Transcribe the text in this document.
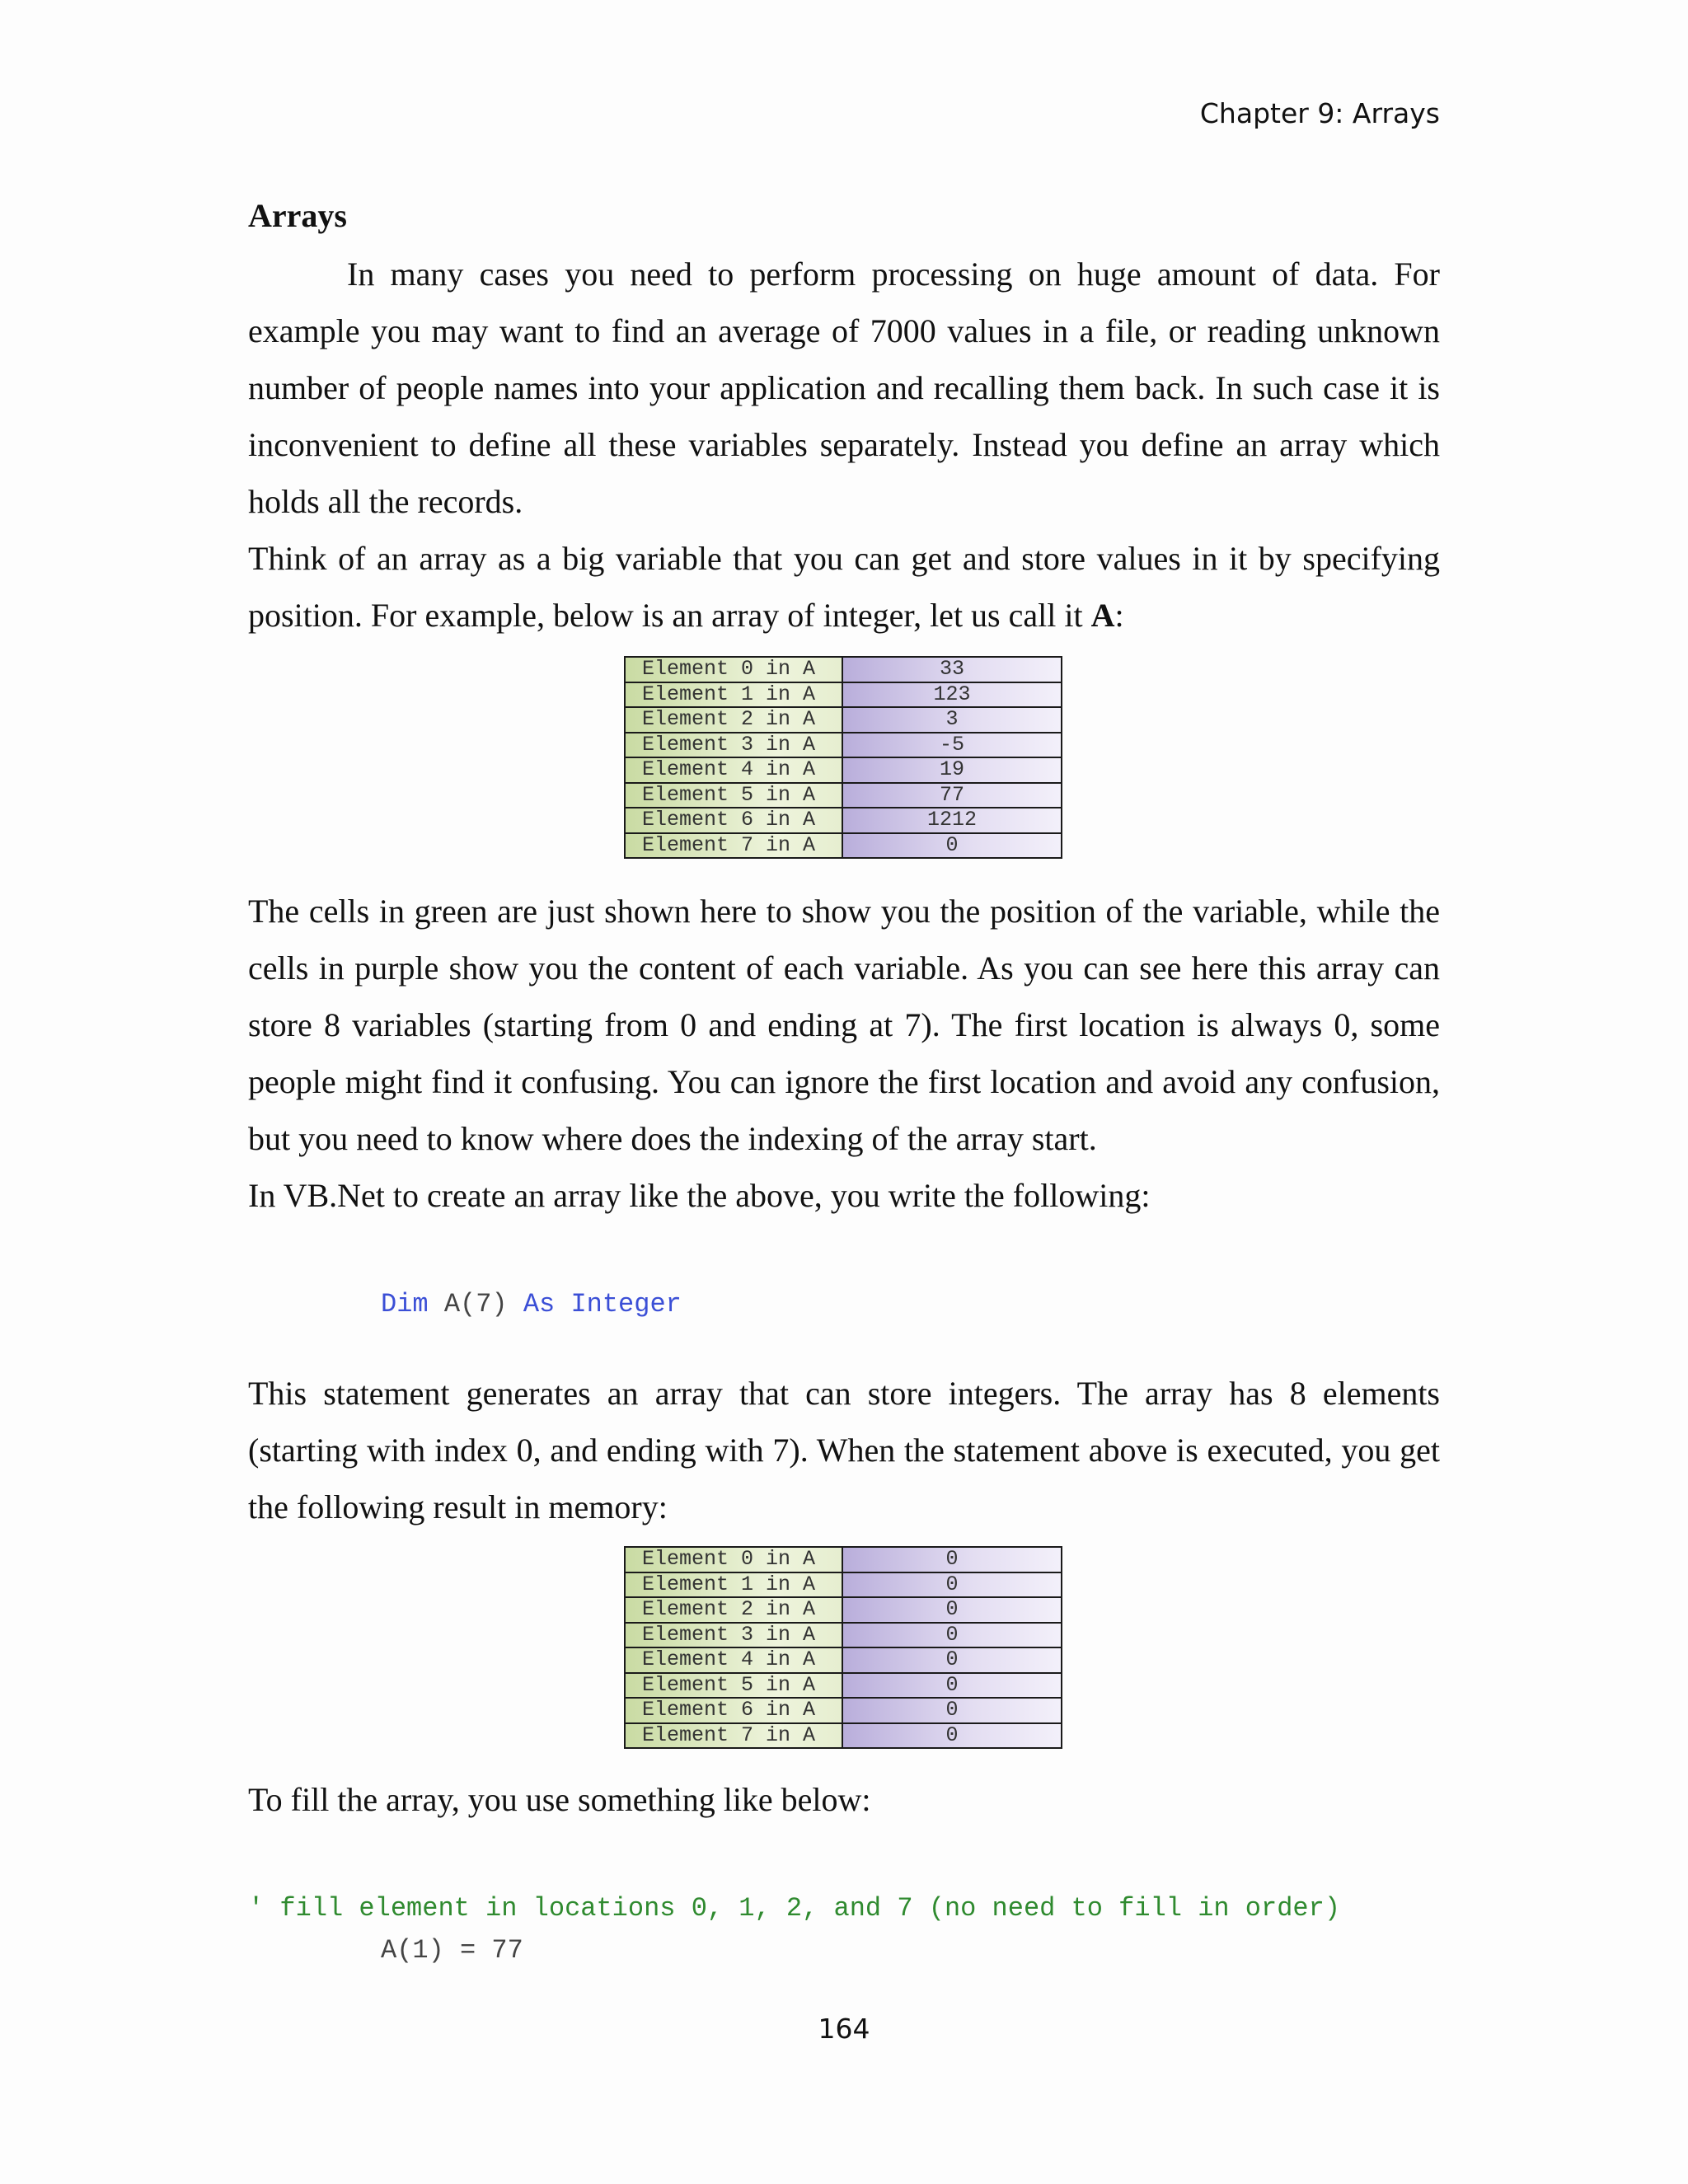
Chapter 9: Arrays
Arrays

In many cases you need to perform processing on huge amount of data. For example you may want to find an average of 7000 values in a file, or reading unknown number of people names into your application and recalling them back. In such case it is inconvenient to define all these variables separately. Instead you define an array which holds all the records.

Think of an array as a big variable that you can get and store values in it by specifying position. For example, below is an array of integer, let us call it A:

Element 0 in A	33
Element 1 in A	123
Element 2 in A	3
Element 3 in A	-5
Element 4 in A	19
Element 5 in A	77
Element 6 in A	1212
Element 7 in A	0

The cells in green are just shown here to show you the position of the variable, while the cells in purple show you the content of each variable. As you can see here this array can store 8 variables (starting from 0 and ending at 7). The first location is always 0, some people might find it confusing. You can ignore the first location and avoid any confusion, but you need to know where does the indexing of the array start.

In VB.Net to create an array like the above, you write the following:

Dim A(7) As Integer

This statement generates an array that can store integers. The array has 8 elements (starting with index 0, and ending with 7). When the statement above is executed, you get the following result in memory:

Element 0 in A	0
Element 1 in A	0
Element 2 in A	0
Element 3 in A	0
Element 4 in A	0
Element 5 in A	0
Element 6 in A	0
Element 7 in A	0

To fill the array, you use something like below:

' fill element in locations 0, 1, 2, and 7 (no need to fill in order)
A(1) = 77
164
